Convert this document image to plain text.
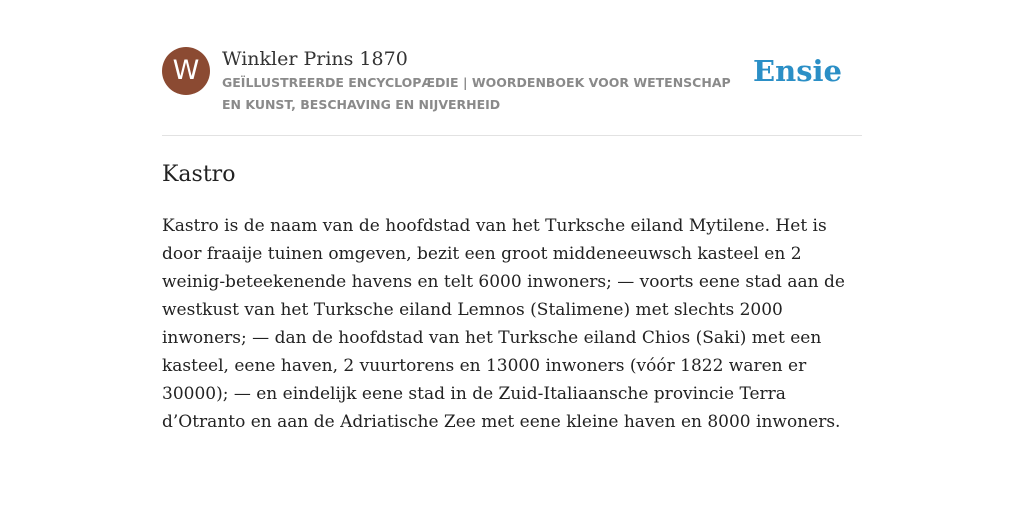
W	Winkler Prins 1870
GEÏLLUSTREERDE ENCYCLOPÆDIE | WOORDENBOEK VOOR WETENSCHAP EN KUNST, BESCHAVING EN NIJVERHEID
Ensie
Kastro

Kastro is de naam van de hoofdstad van het Turksche eiland Mytilene. Het is door fraaije tuinen omgeven, bezit een groot middeneeuwsch kasteel en 2 weinig-beteekenende havens en telt 6000 inwoners; — voorts eene stad aan de westkust van het Turksche eiland Lemnos (Stalimene) met slechts 2000 inwoners; — dan de hoofdstad van het Turksche eiland Chios (Saki) met een kasteel, eene haven, 2 vuurtorens en 13000 inwoners (vóór 1822 waren er 30000); — en eindelijk eene stad in de Zuid-Italiaansche provincie Terra d’Otranto en aan de Adriatische Zee met eene kleine haven en 8000 inwoners.
